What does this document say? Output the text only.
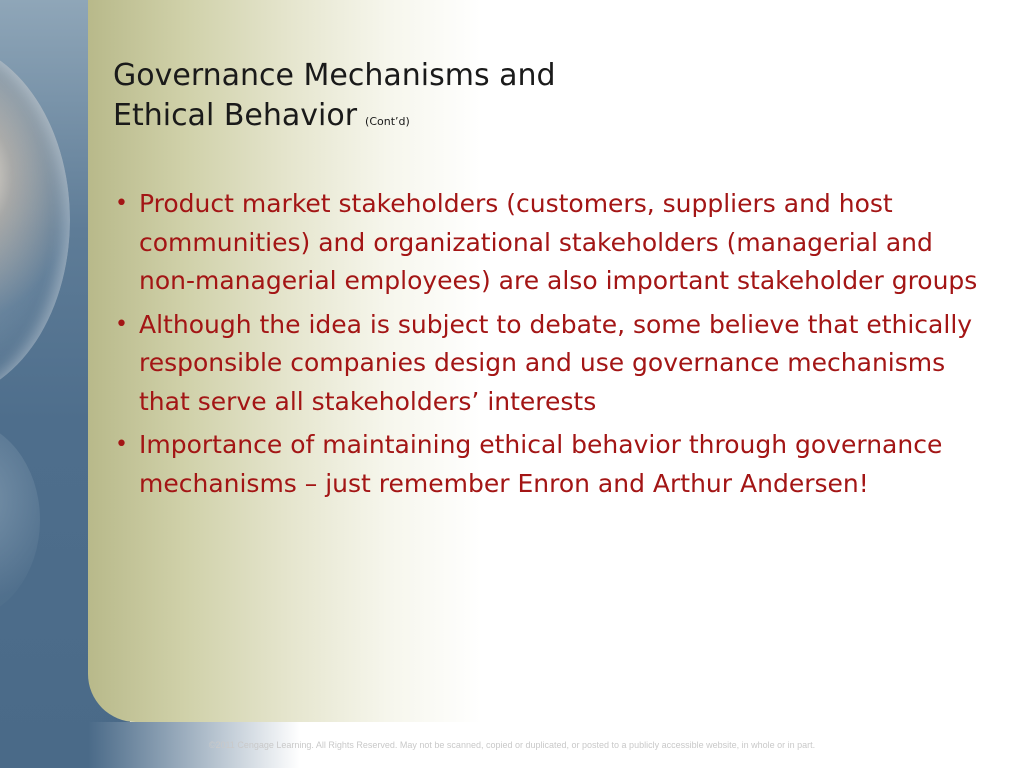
Governance Mechanisms and
Ethical Behavior (Cont’d)
• Product market stakeholders (customers, suppliers and host communities) and organizational stakeholders (managerial and non-managerial employees) are also important stakeholder groups
• Although the idea is subject to debate, some believe that ethically responsible companies design and use governance mechanisms that serve all stakeholders’ interests
• Importance of maintaining ethical behavior through governance mechanisms – just remember Enron and Arthur Andersen!
©2011 Cengage Learning. All Rights Reserved. May not be scanned, copied or duplicated, or posted to a publicly accessible website, in whole or in part.
